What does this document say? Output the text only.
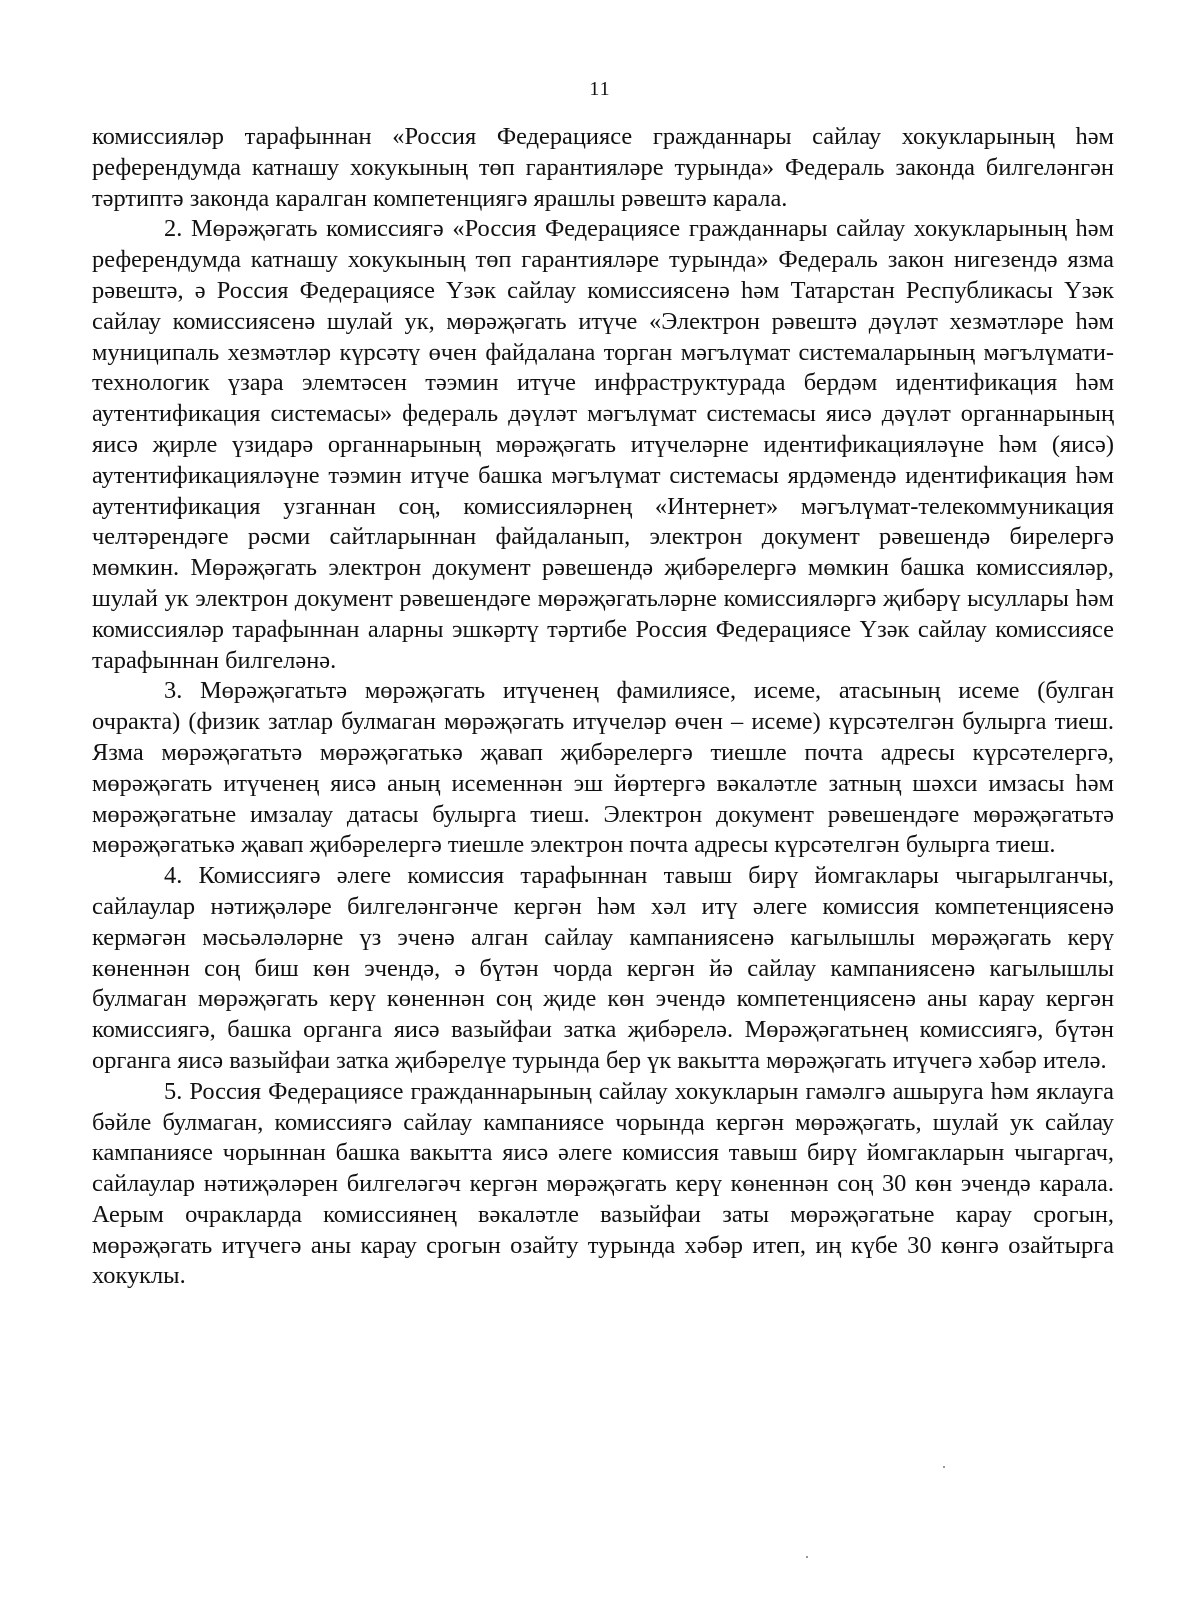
11

комиссияләр тарафыннан «Россия Федерациясе гражданнары сайлау хокукларының һәм референдумда катнашу хокукының төп гарантияләре турында» Федераль законда билгеләнгән тәртиптә законда каралган компетенциягә ярашлы рәвештә карала.

2. Мөрәҗәгать комиссиягә «Россия Федерациясе гражданнары сайлау хокукларының һәм референдумда катнашу хокукының төп гарантияләре турында» Федераль закон нигезендә язма рәвештә, ә Россия Федерациясе Үзәк сайлау комиссиясенә һәм Татарстан Республикасы Үзәк сайлау комиссиясенә шулай ук, мөрәҗәгать итүче «Электрон рәвештә дәүләт хезмәтләре һәм муниципаль хезмәтләр күрсәтү өчен файдалана торган мәгълүмат системаларының мәгълүмати-технологик үзара элемтәсен тәэмин итүче инфраструктурада бердәм идентификация һәм аутентификация системасы» федераль дәүләт мәгълүмат системасы яисә дәүләт органнарының яисә җирле үзидарә органнарының мөрәҗәгать итүчеләрне идентификацияләүне һәм (яисә) аутентификацияләүне тәэмин итүче башка мәгълүмат системасы ярдәмендә идентификация һәм аутентификация узганнан соң, комиссияләрнең «Интернет» мәгълүмат-телекоммуникация челтәрендәге рәсми сайтларыннан файдаланып, электрон документ рәвешендә бирелергә мөмкин. Мөрәҗәгать электрон документ рәвешендә җибәрелергә мөмкин башка комиссияләр, шулай ук электрон документ рәвешендәге мөрәҗәгатьләрне комиссияләргә җибәрү ысуллары һәм комиссияләр тарафыннан аларны эшкәртү тәртибе Россия Федерациясе Үзәк сайлау комиссиясе тарафыннан билгеләнә.

3. Мөрәҗәгатьтә мөрәҗәгать итүченең фамилиясе, исеме, атасының исеме (булган очракта) (физик затлар булмаган мөрәҗәгать итүчеләр өчен – исеме) күрсәтелгән булырга тиеш. Язма мөрәҗәгатьтә мөрәҗәгатькә җавап җибәрелергә тиешле почта адресы күрсәтелергә, мөрәҗәгать итүченең яисә аның исеменнән эш йөртергә вәкаләтле затның шәхси имзасы һәм мөрәҗәгатьне имзалау датасы булырга тиеш. Электрон документ рәвешендәге мөрәҗәгатьтә мөрәҗәгатькә җавап җибәрелергә тиешле электрон почта адресы күрсәтелгән булырга тиеш.

4. Комиссиягә әлеге комиссия тарафыннан тавыш бирү йомгаклары чыгарылганчы, сайлаулар нәтиҗәләре билгеләнгәнче кергән һәм хәл итү әлеге комиссия компетенциясенә кермәгән мәсьәләләрне үз эченә алган сайлау кампаниясенә кагылышлы мөрәҗәгать керү көненнән соң биш көн эчендә, ә бүтән чорда кергән йә сайлау кампаниясенә кагылышлы булмаган мөрәҗәгать керү көненнән соң җиде көн эчендә компетенциясенә аны карау кергән комиссиягә, башка органга яисә вазыйфаи затка җибәрелә. Мөрәҗәгатьнең комиссиягә, бүтән органга яисә вазыйфаи затка җибәрелүе турында бер үк вакытта мөрәҗәгать итүчегә хәбәр ителә.

5. Россия Федерациясе гражданнарының сайлау хокукларын гамәлгә ашыруга һәм яклауга бәйле булмаган, комиссиягә сайлау кампаниясе чорында кергән мөрәҗәгать, шулай ук сайлау кампаниясе чорыннан башка вакытта яисә әлеге комиссия тавыш бирү йомгакларын чыгаргач, сайлаулар нәтиҗәләрен билгеләгәч кергән мөрәҗәгать керү көненнән соң 30 көн эчендә карала. Аерым очракларда комиссиянең вәкаләтле вазыйфаи заты мөрәҗәгатьне карау срогын, мөрәҗәгать итүчегә аны карау срогын озайту турында хәбәр итеп, иң күбе 30 көнгә озайтырга хокуклы.
